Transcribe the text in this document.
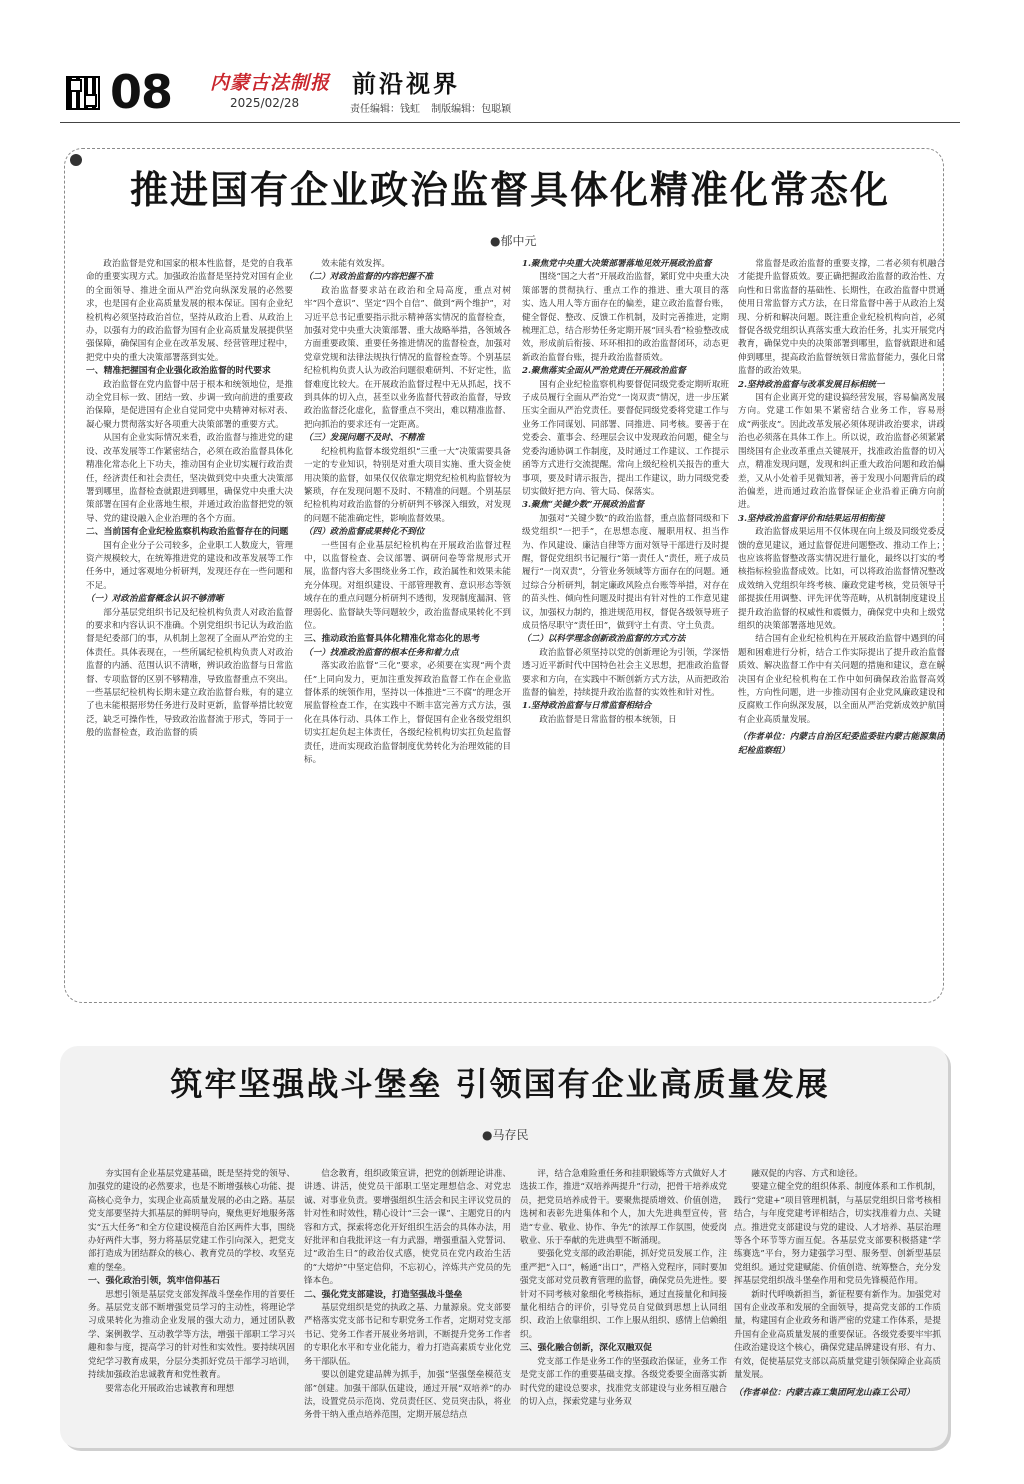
08 内蒙古法制报
2025/02/28
前沿视界
责任编辑：钱虹 制版编辑：包聪颖
推进国有企业政治监督具体化精准化常态化
●郁中元

政治监督是党和国家的根本性监督，是党的自我革命的重要实现方式。加强政治监督是坚持党对国有企业的全面领导、推进全面从严治党向纵深发展的必然要求，也是国有企业高质量发展的根本保证。国有企业纪检机构必须坚持政治首位，坚持从政治上看、从政治上办，以强有力的政治监督为国有企业高质量发展提供坚强保障，确保国有企业在改革发展、经营管理过程中，把党中央的重大决策部署落到实处。

一、精准把握国有企业强化政治监督的时代要求

政治监督在党内监督中居于根本和统领地位，是推动全党目标一致、团结一致、步调一致向前进的重要政治保障，是促进国有企业自觉同党中央精神对标对表、凝心聚力贯彻落实好各项重大决策部署的重要方式。

从国有企业实际情况来看，政治监督与推进党的建设、改革发展等工作紧密结合，必须在政治监督具体化精准化常态化上下功夫，推动国有企业切实履行政治责任，经济责任和社会责任，坚决做到党中央重大决策部署到哪里，监督检查就跟进到哪里，确保党中央重大决策部署在国有企业落地生根，并通过政治监督把党的领导、党的建设融入企业治理的各个方面。

二、当前国有企业纪检监察机构政治监督存在的问题

国有企业分子公司较多，企业职工人数庞大，管理资产规模较大，在统筹推进党的建设和改革发展等工作任务中，通过客观地分析研判，发现还存在一些问题和不足。

（一）对政治监督概念认识不够清晰

部分基层党组织书记及纪检机构负责人对政治监督的要求和内容认识不准确。个别党组织书记认为政治监督是纪委部门的事，从机制上忽视了全面从严治党的主体责任。具体表现在，一些所属纪检机构负责人对政治监督的内涵、范围认识不清晰，辨识政治监督与日常监督、专项监督的区别不够精准，导致监督重点不突出。一些基层纪检机构长期未建立政治监督台账，有的建立了也未能根据形势任务进行及时更新，监督举措比较宽泛，缺乏可操作性，导致政治监督流于形式，等同于一般的监督检查，政治监督的质

效未能有效发挥。

（二）对政治监督的内容把握不准

政治监督要求站在政治和全局高度，重点对树牢“四个意识”、坚定“四个自信”、做到“两个维护”，对习近平总书记重要指示批示精神落实情况的监督检查，加强对党中央重大决策部署、重大战略举措，各领域各方面重要政策、重要任务推进情况的监督检查，加强对党章党规和法律法规执行情况的监督检查等。个别基层纪检机构负责人认为政治问题很难研判、不好定性，监督难度比较大。在开展政治监督过程中无从抓起，找不到具体的切入点，甚至以业务监督代替政治监督，导致政治监督泛化虚化，监督重点不突出，难以精准监督、把向抓治的要求还有一定距离。

（三）发现问题不及时、不精准

纪检机构监督本级党组织“三重一大”决策需要具备一定的专业知识，特别是对重大项目实施、重大资金使用决策的监督，如果仅仅依靠定期党纪检机构监督较为繁琐，存在发现问题不及时、不精准的问题。个别基层纪检机构对政治监督的分析研判不够深入细致，对发现的问题不能准确定性，影响监督效果。

（四）政治监督成果转化不到位

一些国有企业基层纪检机构在开展政治监督过程中，以监督检查、会议部署、调研问卷等常规形式开展，监督内容大多围绕业务工作，政治属性和效果未能充分体现。对组织建设、干部管理教育、意识形态等领域存在的重点问题分析研判不透彻，发现制度漏洞、管理弱化、监督缺失等问题较少，政治监督成果转化不到位。

三、推动政治监督具体化精准化常态化的思考

（一）找准政治监督的根本任务和着力点

落实政治监督“三化”要求，必须要在实现“两个责任”上同向发力，更加注重发挥政治监督工作在企业监督体系的统领作用，坚持以一体推进“三不腐”的理念开展监督检查工作，在实践中不断丰富完善方式方法，强化在具体行动、具体工作上，督促国有企业各级党组织切实扛起负起主体责任，各级纪检机构切实扛负起监督责任，进而实现政治监督制度优势转化为治理效能的目标。

1.聚焦党中央重大决策部署落地见效开展政治监督

围绕“国之大者”开展政治监督，紧盯党中央重大决策部署的贯彻执行、重点工作的推进、重大项目的落实、选人用人等方面存在的偏差，建立政治监督台账，健全督促、整改、反馈工作机制，及时完善推进，定期梳理汇总，结合形势任务定期开展“回头看”检验整改成效，形成前后衔接、环环相扣的政治监督闭环，动态更新政治监督台账，提升政治监督质效。

2.聚焦落实全面从严治党责任开展政治监督

国有企业纪检监察机构要督促同级党委定期听取班子成员履行全面从严治党“一岗双责”情况，进一步压紧压实全面从严治党责任。要督促同级党委将党建工作与业务工作同谋划、同部署、同推进、同考核。要善于在党委会、董事会、经理层会议中发现政治问题，健全与党委沟通协调工作制度，及时通过工作建议、工作提示函等方式进行交流提醒。常向上级纪检机关报告的重大事项，要及时请示报告，提出工作建议，助力同级党委切实做好把方向、管大局、保落实。

3.聚焦“关键少数”开展政治监督

加强对“关键少数”的政治监督，重点监督同级和下级党组织“一把手”，在思想态度、履职用权、担当作为、作风建设、廉洁自律等方面对领导干部进行及时提醒，督促党组织书记履行“第一责任人”责任，班子成员履行“一岗双责”，分管业务领域等方面存在的问题。通过综合分析研判，制定廉政风险点台账等举措，对存在的苗头性、倾向性问题及时提出有针对性的工作意见建议，加强权力制约，推进规范用权，督促各级领导班子成员恪尽职守“责任田”，做到守土有责、守土负责。

（二）以科学理念创新政治监督的方式方法

政治监督必须坚持以党的创新理论为引领，学深悟透习近平新时代中国特色社会主义思想，把准政治监督要求和方向，在实践中不断创新方式方法，从而把政治监督的偏差，持续提升政治监督的实效性和针对性。

1.坚持政治监督与日常监督相结合

政治监督是日常监督的根本统领，日

常监督是政治监督的重要支撑，二者必须有机融合才能提升监督质效。要正确把握政治监督的政治性、方向性和日常监督的基础性、长期性，在政治监督中贯通使用日常监督方式方法，在日常监督中善于从政治上发现、分析和解决问题。既注重企业纪检机构向首，必须督促各级党组织认真落实重大政治任务，扎实开展党内教育，确保党中央的决策部署到哪里，监督就跟进和延伸到哪里，提高政治监督统领日常监督能力，强化日常监督的政治效果。

2.坚持政治监督与改革发展目标相统一

国有企业离开党的建设搞经营发展，容易偏离发展方向。党建工作如果不紧密结合业务工作，容易形成“两张皮”。因此改革发展必须体现讲政治要求，讲政治也必须落在具体工作上。所以说，政治监督必须紧紧围绕国有企业改革重点关键展开，找准政治监督的切入点，精准发现问题，发现和纠正重大政治问题和政治偏差，又从小处着手见微知著，善于发现小问题背后的政治偏差，进而通过政治监督保证企业沿着正确方向前进。

3.坚持政治监督评价和结果运用相衔接

政治监督成果运用不仅体现在向上级及同级党委反馈的意见建议，通过监督促进问题整改、推动工作上；也应该将监督整改落实情况进行量化，最终以打实的考核指标检验监督成效。比如，可以将政治监督情况整改成效纳入党组织年终考核、廉政党建考核，党员领导干部提拔任用调整、评先评优等范畴，从机制制度建设上提升政治监督的权威性和震慑力，确保党中央和上级党组织的决策部署落地见效。

结合国有企业纪检机构在开展政治监督中遇到的问题和困难进行分析，结合工作实际提出了提升政治监督质效、解决监督工作中有关问题的措施和建议，意在解决国有企业纪检机构在工作中如何确保政治监督高效性，方向性问题，进一步推动国有企业党风廉政建设和反腐败工作向纵深发展，以全面从严治党新成效护航国有企业高质量发展。

（作者单位：内蒙古自治区纪委监委驻内蒙古能源集团纪检监察组）

筑牢坚强战斗堡垒 引领国有企业高质量发展
●马存民

夯实国有企业基层党建基础，既是坚持党的领导、加强党的建设的必然要求，也是不断增强核心功能、提高核心竞争力，实现企业高质量发展的必由之路。基层党支部要坚持大抓基层的鲜明导向，聚焦更好地服务落实“五大任务”和全方位建设模范自治区两件大事，围绕办好两件大事，努力将基层党建工作引向深入，把党支部打造成为团结群众的核心、教育党员的学校、攻坚克难的堡垒。

一、强化政治引领，筑牢信仰基石

思想引领是基层党支部发挥战斗堡垒作用的首要任务。基层党支部不断增强党员学习的主动性，将理论学习成果转化为推动企业发展的强大动力，通过团队教学、案例教学、互动教学等方法，增强干部职工学习兴趣和参与度，提高学习的针对性和实效性。要持续巩固党纪学习教育成果，分层分类抓好党员干部学习培训，持续加强政治忠诚教育和党性教育。

要常态化开展政治忠诚教育和理想

信念教育，组织政策宣讲，把党的创新理论讲准、讲透、讲活，使党员干部职工坚定理想信念、对党忠诚、对事业负责。要增强组织生活会和民主评议党员的针对性和时效性，精心设计“三会一课”、主题党日的内容和方式，探索将恋化开好组织生活会的具体办法，用好批评和自我批评这一有力武器，增强重温入党誓词、过“政治生日”的政治仪式感，使党员在党内政治生活的“大熔炉”中坚定信仰，不忘初心，淬炼共产党员的先锋本色。

二、强化党支部建设，打造坚强战斗堡垒

基层党组织是党的执政之基、力量源泉。党支部要严格落实党支部书记和专职党务工作者，定期对党支部书记、党务工作者开展业务培训，不断提升党务工作者的专职化水平和专业化能力，着力打造高素质专业化党务干部队伍。

要以创建党建品牌为抓手，加强“坚强堡垒模范支部”创建。加强干部队伍建设，通过开展“双培养”的办法，设置党员示范岗、党员责任区、党员突击队，将业务骨干纳入重点培养范围，定期开展总结点

评，结合急难险重任务和挂职锻炼等方式做好人才选拔工作，推进“双培养两提升”行动，把骨干培养成党员，把党员培养成骨干。要聚焦提质增效、价值创造，选树和表彰先进集体和个人，加大先进典型宣传，营造“专业、敬业、协作、争先”的浓厚工作氛围，使爱岗敬业、乐于奉献的先进典型不断涌现。

要强化党支部的政治职能，抓好党员发展工作，注重严把“入口”，畅通“出口”，严格入党程序，同时要加强党支部对党员教育管理的监督，确保党员先进性。要针对不同考核对象细化考核指标，通过直接量化和间接量化相结合的评价，引导党员自觉做到思想上认同组织、政治上依靠组织、工作上服从组织、感情上信赖组织。

三、强化融合创新，深化双融双促

党支部工作是业务工作的坚强政治保证，业务工作是党支部工作的重要基础支撑。各级党委要全面落实新时代党的建设总要求，找准党支部建设与业务相互融合的切入点，探索党建与业务双

融双促的内容、方式和途径。

要建立健全党的组织体系、制度体系和工作机制，践行“党建+”项目管理机制，与基层党组织日常考核相结合，与年度党建考评相结合，切实找准着力点、关键点。推进党支部建设与党的建设、人才培养、基层治理等各个环节等方面互促。各基层党支部要积极搭建“学练赛选”平台，努力建强学习型、服务型、创新型基层党组织。通过党建赋能、价值创造、统筹整合，充分发挥基层党组织战斗堡垒作用和党员先锋模范作用。

新时代呼唤新担当，新征程要有新作为。加强党对国有企业改革和发展的全面领导，提高党支部的工作质量，构建国有企业政务和谐严密的党建工作体系，是提升国有企业高质量发展的重要保证。各级党委要牢牢抓住政治建设这个核心，确保党建品牌建设有形、有力、有效，促使基层党支部以高质量党建引领保障企业高质量发展。

（作者单位：内蒙古森工集团阿龙山森工公司）
